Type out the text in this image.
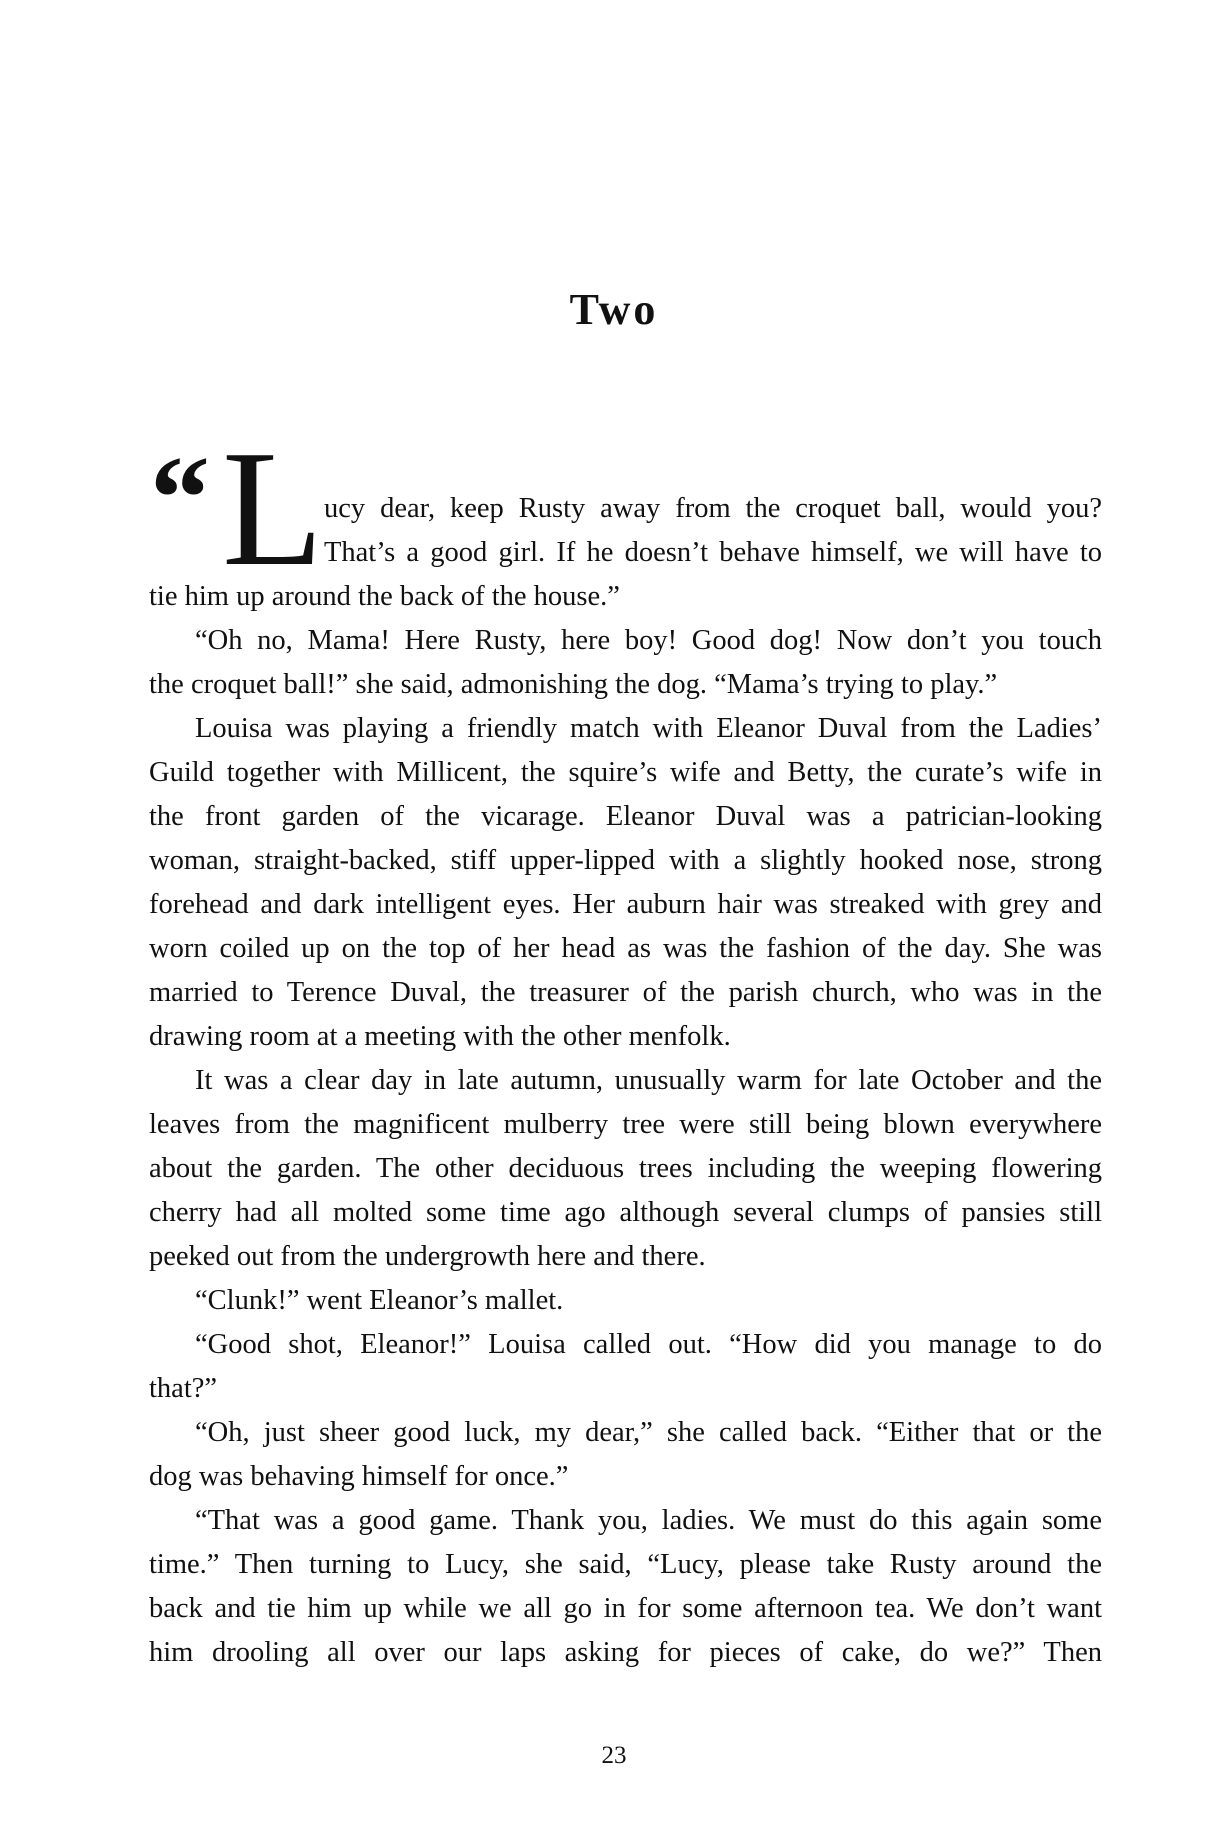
Two
“ L ucy dear, keep Rusty away from the croquet ball, would you?
That’s a good girl. If he doesn’t behave himself, we will have to
tie him up around the back of the house.”
“Oh no, Mama! Here Rusty, here boy! Good dog! Now don’t you touch
the croquet ball!” she said, admonishing the dog. “Mama’s trying to play.”
Louisa was playing a friendly match with Eleanor Duval from the Ladies’
Guild together with Millicent, the squire’s wife and Betty, the curate’s wife in
the front garden of the vicarage. Eleanor Duval was a patrician-looking
woman, straight-backed, stiff upper-lipped with a slightly hooked nose, strong
forehead and dark intelligent eyes. Her auburn hair was streaked with grey and
worn coiled up on the top of her head as was the fashion of the day. She was
married to Terence Duval, the treasurer of the parish church, who was in the
drawing room at a meeting with the other menfolk.
It was a clear day in late autumn, unusually warm for late October and the
leaves from the magnificent mulberry tree were still being blown everywhere
about the garden. The other deciduous trees including the weeping flowering
cherry had all molted some time ago although several clumps of pansies still
peeked out from the undergrowth here and there.
“Clunk!” went Eleanor’s mallet.
“Good shot, Eleanor!” Louisa called out. “How did you manage to do
that?”
“Oh, just sheer good luck, my dear,” she called back. “Either that or the
dog was behaving himself for once.”
“That was a good game. Thank you, ladies. We must do this again some
time.” Then turning to Lucy, she said, “Lucy, please take Rusty around the
back and tie him up while we all go in for some afternoon tea. We don’t want
him drooling all over our laps asking for pieces of cake, do we?” Then
23
